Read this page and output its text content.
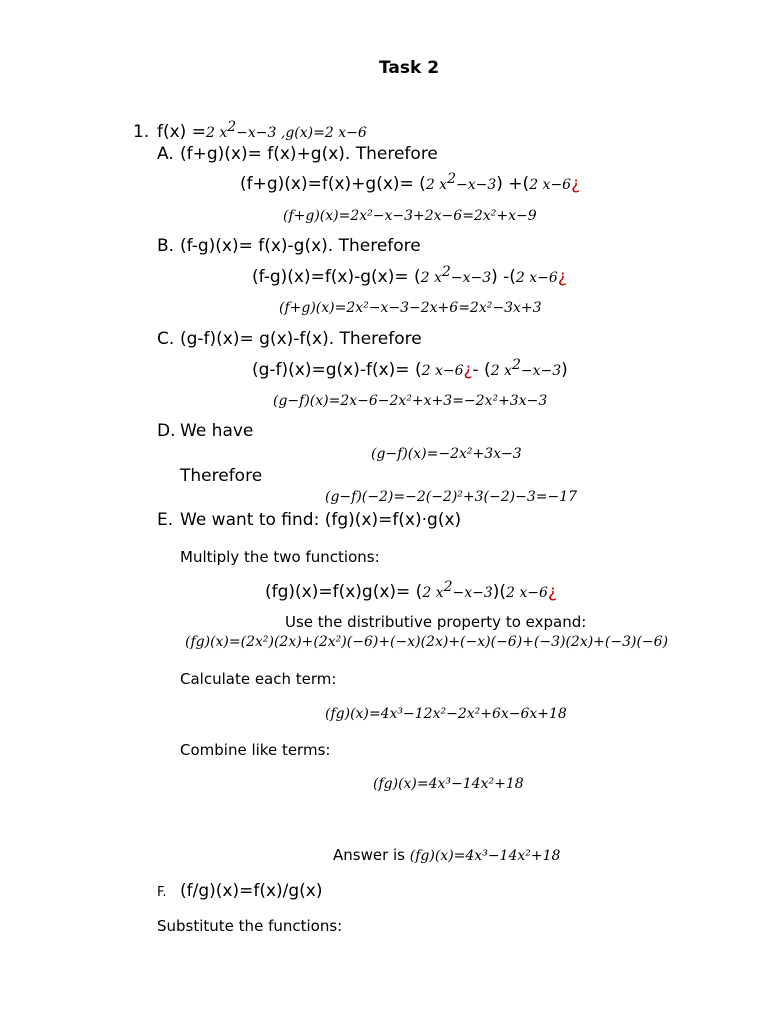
Task 2
1. f(x) =2 $x^2-x-3$ ,g(x)=2 x−6
A. (f+g)(x)= f(x)+g(x). Therefore
(f+g)(x)=f(x)+g(x)= (2 $x^2-x-3) +(2$ x−6¿
(f+g)(x)=2x²−x−3+2x−6=2x²+x−9
B. (f-g)(x)= f(x)-g(x). Therefore
(f-g)(x)=f(x)-g(x)= (2 $x^2-x-3$) -(2 x−6¿
(f+g)(x)=2x²−x−3−2x+6=2x²−3x+3
C. (g-f)(x)= g(x)-f(x). Therefore
(g-f)(x)=g(x)-f(x)= (2 x−6¿- (2 $x^2-x-3$)
(g−f)(x)=2x−6−2x²+x+3=−2x²+3x−3
D. We have
(g−f)(x)=−2x²+3x−3
Therefore
(g−f)(−2)=−2(−2)²+3(−2)−3=−17
E. We want to find: (fg)(x)=f(x)·g(x)
Multiply the two functions:
(fg)(x)=f(x)g(x)= (2 $x^2-x-3)(2$ x−6¿
Use the distributive property to expand:
(fg)(x)=(2x²)(2x)+(2x²)(−6)+(−x)(2x)+(−x)(−6)+(−3)(2x)+(−3)(−6)
Calculate each term:
(fg)(x)=4x³−12x²−2x²+6x−6x+18
Combine like terms:
(fg)(x)=4x³−14x²+18
Answer is (fg)(x)=4x³−14x²+18
F. (f/g)(x)=f(x)/g(x)
Substitute the functions:
